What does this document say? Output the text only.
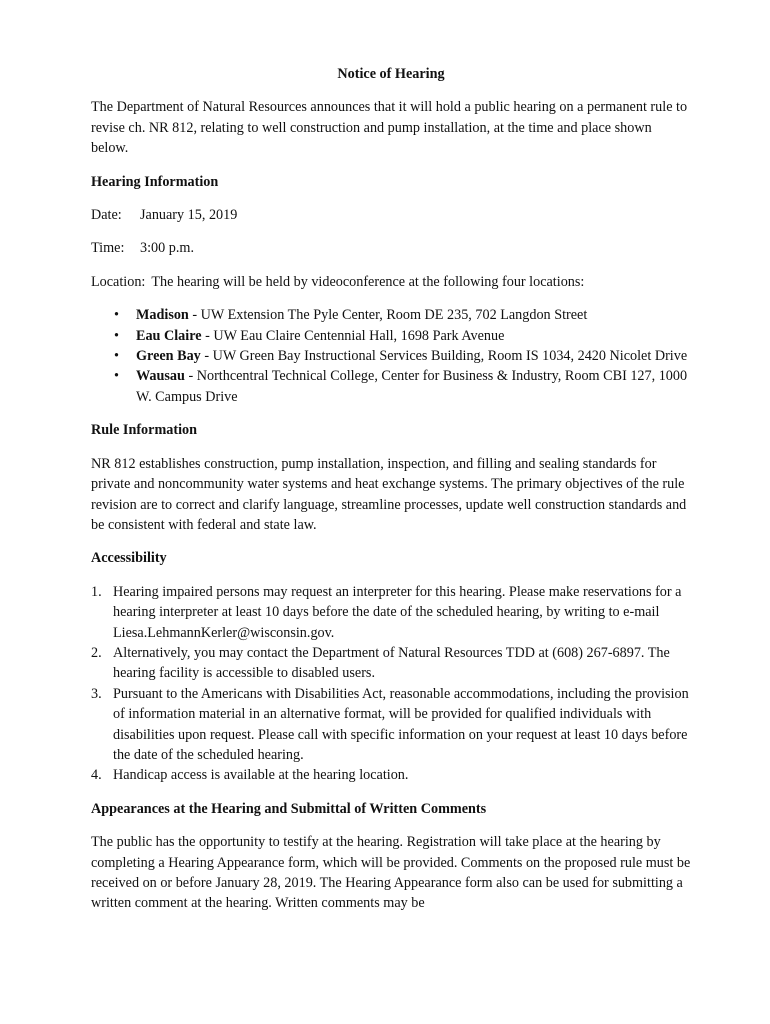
Notice of Hearing

The Department of Natural Resources announces that it will hold a public hearing on a permanent rule to revise ch. NR 812, relating to well construction and pump installation, at the time and place shown below.

Hearing Information

Date: January 15, 2019

Time: 3:00 p.m.

Location: The hearing will be held by videoconference at the following four locations:

• Madison - UW Extension The Pyle Center, Room DE 235, 702 Langdon Street
• Eau Claire - UW Eau Claire Centennial Hall, 1698 Park Avenue
• Green Bay - UW Green Bay Instructional Services Building, Room IS 1034, 2420 Nicolet Drive
• Wausau - Northcentral Technical College, Center for Business & Industry, Room CBI 127, 1000 W. Campus Drive
Rule Information

NR 812 establishes construction, pump installation, inspection, and filling and sealing standards for private and noncommunity water systems and heat exchange systems. The primary objectives of the rule revision are to correct and clarify language, streamline processes, update well construction standards and be consistent with federal and state law.

Accessibility
1. Hearing impaired persons may request an interpreter for this hearing. Please make reservations for a hearing interpreter at least 10 days before the date of the scheduled hearing, by writing to e-mail Liesa.LehmannKerler@wisconsin.gov.
2. Alternatively, you may contact the Department of Natural Resources TDD at (608) 267-6897. The hearing facility is accessible to disabled users.
3. Pursuant to the Americans with Disabilities Act, reasonable accommodations, including the provision of information material in an alternative format, will be provided for qualified individuals with disabilities upon request. Please call with specific information on your request at least 10 days before the date of the scheduled hearing.
4. Handicap access is available at the hearing location.
Appearances at the Hearing and Submittal of Written Comments

The public has the opportunity to testify at the hearing. Registration will take place at the hearing by completing a Hearing Appearance form, which will be provided. Comments on the proposed rule must be received on or before January 28, 2019. The Hearing Appearance form also can be used for submitting a written comment at the hearing. Written comments may be
